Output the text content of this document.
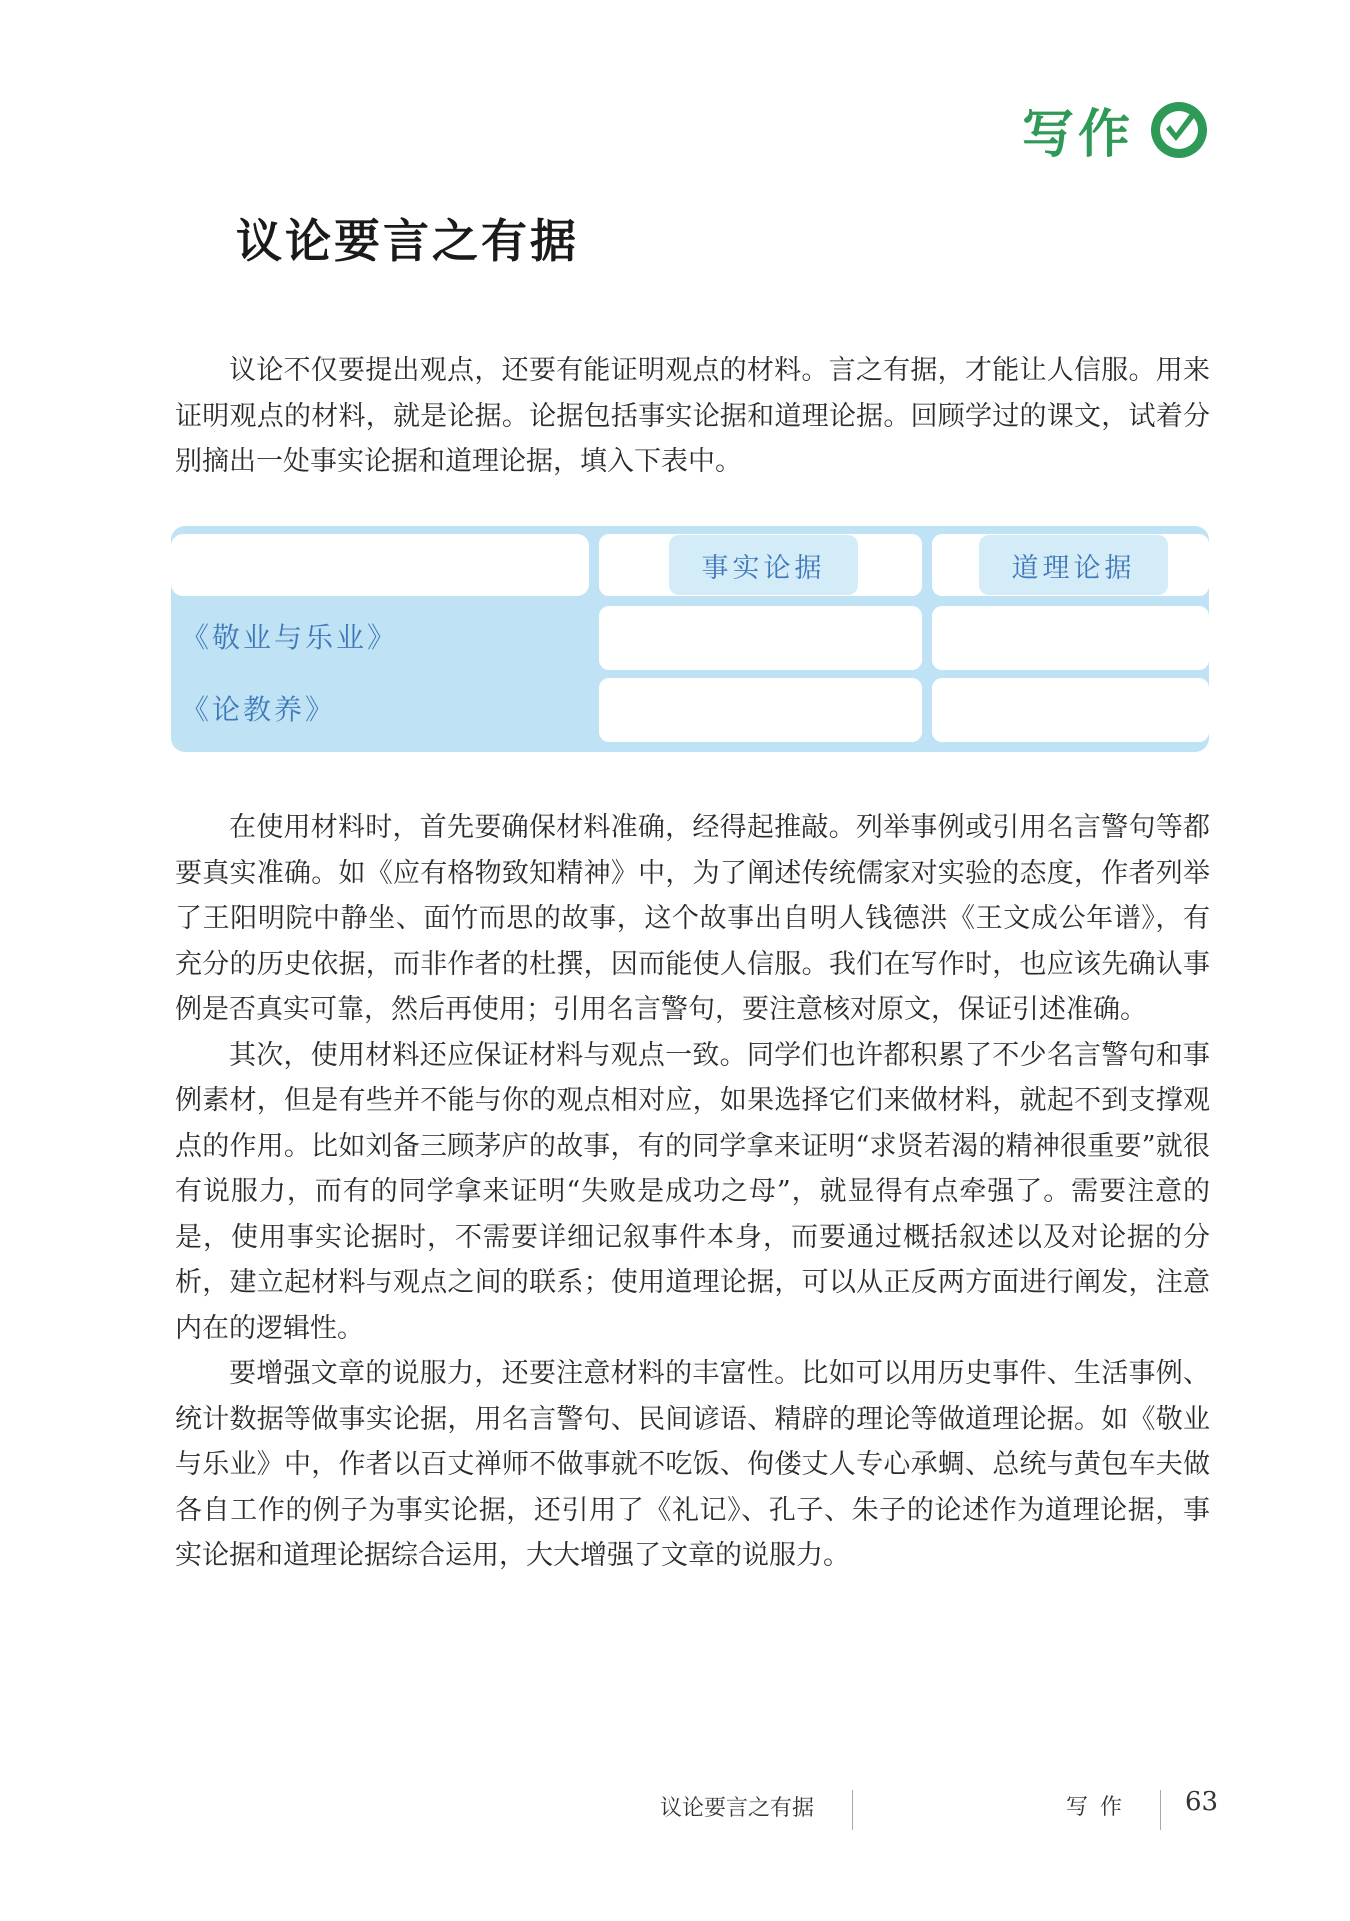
写作
议论要言之有据

议论不仅要提出观点，还要有能证明观点的材料。言之有据，才能让人信服。用来证明观点的材料，就是论据。论据包括事实论据和道理论据。回顾学过的课文，试着分别摘出一处事实论据和道理论据，填入下表中。

事实论据	道理论据
《敬业与乐业》
《论教养》

在使用材料时，首先要确保材料准确，经得起推敲。列举事例或引用名言警句等都要真实准确。如《应有格物致知精神》中，为了阐述传统儒家对实验的态度，作者列举了王阳明院中静坐、面竹而思的故事，这个故事出自明人钱德洪《王文成公年谱》，有充分的历史依据，而非作者的杜撰，因而能使人信服。我们在写作时，也应该先确认事例是否真实可靠，然后再使用；引用名言警句，要注意核对原文，保证引述准确。

其次，使用材料还应保证材料与观点一致。同学们也许都积累了不少名言警句和事例素材，但是有些并不能与你的观点相对应，如果选择它们来做材料，就起不到支撑观点的作用。比如刘备三顾茅庐的故事，有的同学拿来证明“求贤若渴的精神很重要”就很有说服力，而有的同学拿来证明“失败是成功之母”，就显得有点牵强了。需要注意的是，使用事实论据时，不需要详细记叙事件本身，而要通过概括叙述以及对论据的分析，建立起材料与观点之间的联系；使用道理论据，可以从正反两方面进行阐发，注意内在的逻辑性。

要增强文章的说服力，还要注意材料的丰富性。比如可以用历史事件、生活事例、统计数据等做事实论据，用名言警句、民间谚语、精辟的理论等做道理论据。如《敬业与乐业》中，作者以百丈禅师不做事就不吃饭、佝偻丈人专心承蜩、总统与黄包车夫做各自工作的例子为事实论据，还引用了《礼记》、孔子、朱子的论述作为道理论据，事实论据和道理论据综合运用，大大增强了文章的说服力。

议论要言之有据	写作 63
